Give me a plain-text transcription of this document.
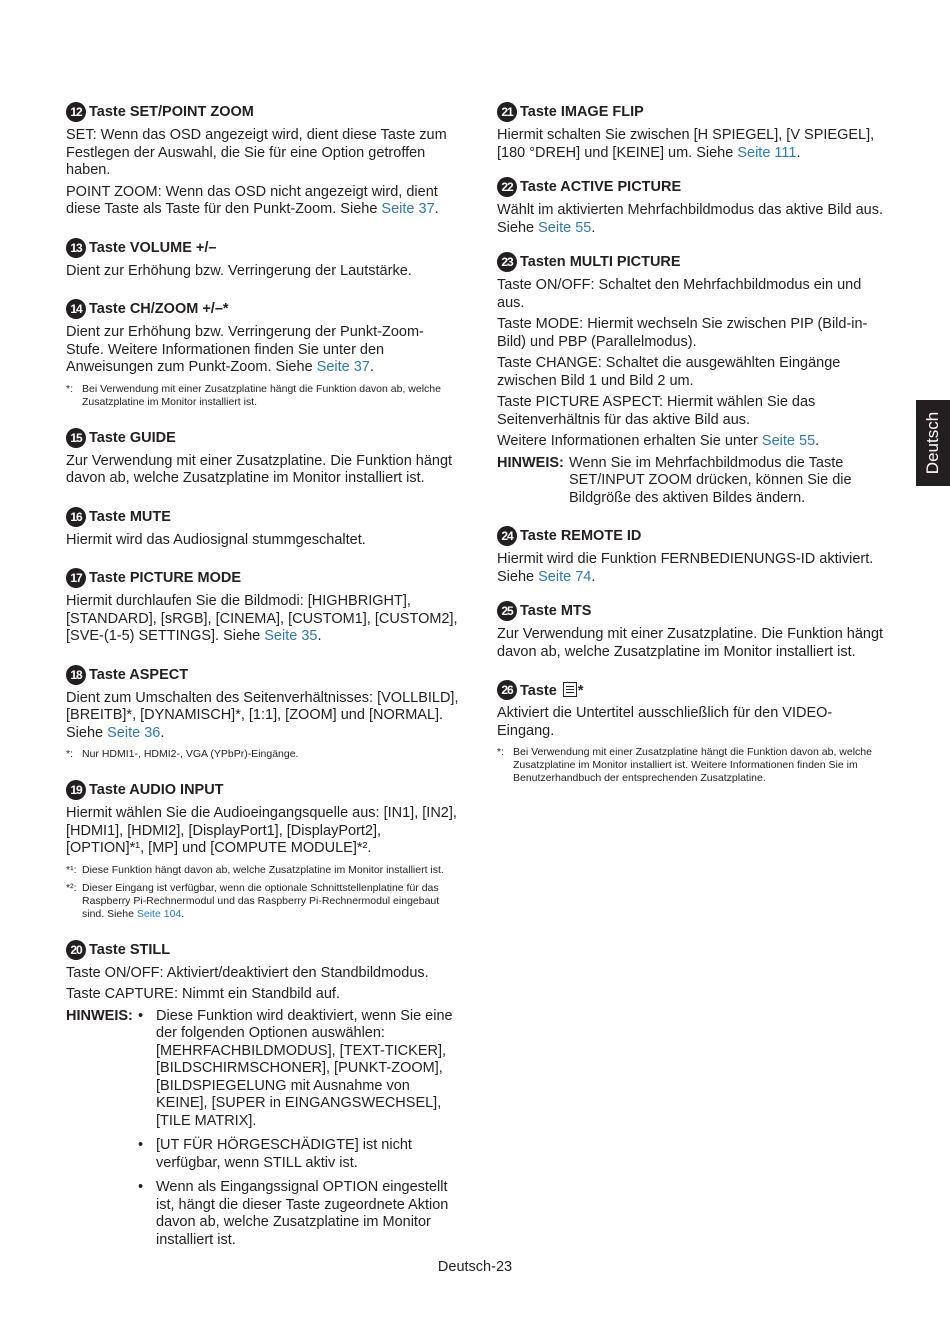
Deutsch
12 Taste SET/POINT ZOOM

SET: Wenn das OSD angezeigt wird, dient diese Taste zum Festlegen der Auswahl, die Sie für eine Option getroffen haben.

POINT ZOOM: Wenn das OSD nicht angezeigt wird, dient diese Taste als Taste für den Punkt-Zoom. Siehe Seite 37.

13 Taste VOLUME +/–

Dient zur Erhöhung bzw. Verringerung der Lautstärke.

14 Taste CH/ZOOM +/–*

Dient zur Erhöhung bzw. Verringerung der Punkt-Zoom-Stufe. Weitere Informationen finden Sie unter den Anweisungen zum Punkt-Zoom. Siehe Seite 37.

*: Bei Verwendung mit einer Zusatzplatine hängt die Funktion davon ab, welche Zusatzplatine im Monitor installiert ist.
15 Taste GUIDE

Zur Verwendung mit einer Zusatzplatine. Die Funktion hängt davon ab, welche Zusatzplatine im Monitor installiert ist.

16 Taste MUTE

Hiermit wird das Audiosignal stummgeschaltet.

17 Taste PICTURE MODE

Hiermit durchlaufen Sie die Bildmodi: [HIGHBRIGHT], [STANDARD], [sRGB], [CINEMA], [CUSTOM1], [CUSTOM2], [SVE-(1-5) SETTINGS]. Siehe Seite 35.

18 Taste ASPECT

Dient zum Umschalten des Seitenverhältnisses: [VOLLBILD], [BREITB]*, [DYNAMISCH]*, [1:1], [ZOOM] und [NORMAL]. Siehe Seite 36.

*: Nur HDMI1-, HDMI2-, VGA (YPbPr)-Eingänge.
19 Taste AUDIO INPUT

Hiermit wählen Sie die Audioeingangsquelle aus: [IN1], [IN2], [HDMI1], [HDMI2], [DisplayPort1], [DisplayPort2], [OPTION]*¹, [MP] und [COMPUTE MODULE]*².

*¹: Diese Funktion hängt davon ab, welche Zusatzplatine im Monitor installiert ist.
*²: Dieser Eingang ist verfügbar, wenn die optionale Schnittstellenplatine für das Raspberry Pi-Rechnermodul und das Raspberry Pi-Rechnermodul eingebaut sind. Siehe Seite 104.
20 Taste STILL

Taste ON/OFF: Aktiviert/deaktiviert den Standbildmodus.

Taste CAPTURE: Nimmt ein Standbild auf.

HINWEIS: • Diese Funktion wird deaktiviert, wenn Sie eine der folgenden Optionen auswählen: [MEHRFACHBILDMODUS], [TEXT-TICKER], [BILDSCHIRMSCHONER], [PUNKT-ZOOM], [BILDSPIEGELUNG mit Ausnahme von KEINE], [SUPER in EINGANGSWECHSEL], [TILE MATRIX].
• [UT FÜR HÖRGESCHÄDIGTE] ist nicht verfügbar, wenn STILL aktiv ist.
• Wenn als Eingangssignal OPTION eingestellt ist, hängt die dieser Taste zugeordnete Aktion davon ab, welche Zusatzplatine im Monitor installiert ist.
21 Taste IMAGE FLIP

Hiermit schalten Sie zwischen [H SPIEGEL], [V SPIEGEL], [180 °DREH] und [KEINE] um. Siehe Seite 111.

22 Taste ACTIVE PICTURE

Wählt im aktivierten Mehrfachbildmodus das aktive Bild aus. Siehe Seite 55.

23 Tasten MULTI PICTURE

Taste ON/OFF: Schaltet den Mehrfachbildmodus ein und aus.

Taste MODE: Hiermit wechseln Sie zwischen PIP (Bild-in-Bild) und PBP (Parallelmodus).

Taste CHANGE: Schaltet die ausgewählten Eingänge zwischen Bild 1 und Bild 2 um.

Taste PICTURE ASPECT: Hiermit wählen Sie das Seitenverhältnis für das aktive Bild aus.

Weitere Informationen erhalten Sie unter Seite 55.

HINWEIS: Wenn Sie im Mehrfachbildmodus die Taste SET/INPUT ZOOM drücken, können Sie die Bildgröße des aktiven Bildes ändern.
24 Taste REMOTE ID

Hiermit wird die Funktion FERNBEDIENUNGS-ID aktiviert. Siehe Seite 74.

25 Taste MTS

Zur Verwendung mit einer Zusatzplatine. Die Funktion hängt davon ab, welche Zusatzplatine im Monitor installiert ist.

26 Taste *

Aktiviert die Untertitel ausschließlich für den VIDEO-Eingang.

*: Bei Verwendung mit einer Zusatzplatine hängt die Funktion davon ab, welche Zusatzplatine im Monitor installiert ist. Weitere Informationen finden Sie im Benutzerhandbuch der entsprechenden Zusatzplatine.
Deutsch-23
